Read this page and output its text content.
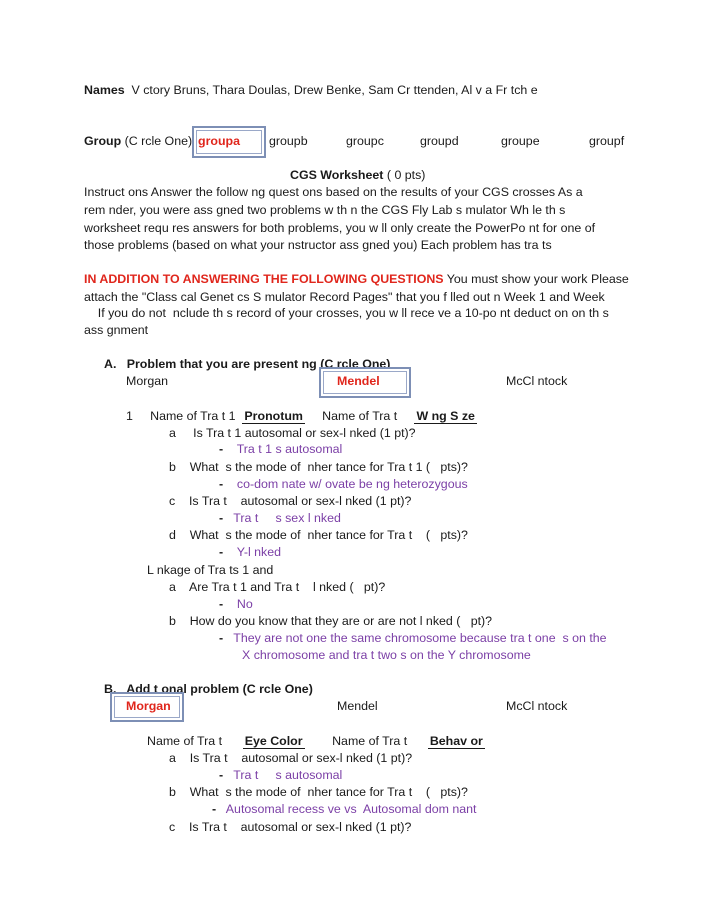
Names V ctory Bruns, Thara Doulas, Drew Benke, Sam Cr ttenden, Al v a Fr tch e
Group (C rcle One) groupa groupb	groupc	groupd	groupe	groupf
CGS Worksheet ( 0 pts)
Instruct ons Answer the follow ng quest ons based on the results of your CGS crosses As a
rem nder, you were ass gned two problems w th n the CGS Fly Lab s mulator Wh le th s
worksheet requ res answers for both problems, you w ll only create the PowerPo nt for one of
those problems (based on what your nstructor ass gned you) Each problem has tra ts
IN ADDITION TO ANSWERING THE FOLLOWING QUESTIONS You must show your work Please
attach the "Class cal Genet cs S mulator Record Pages" that you f lled out n Week 1 and Week
If you do not  nclude th s record of your crosses, you w ll rece ve a 10-po nt deduct on on th s
ass gnment
A.   Problem that you are present ng (C rcle One)
Morgan	Mendel	McCl ntock
1 Name of Tra t 1 Pronotum Name of Tra t W ng S ze
a Is Tra t 1 autosomal or sex-l nked (1 pt)?
- Tra t 1 s autosomal
b What  s the mode of  nher tance for Tra t 1 (   pts)?
- co-dom nate w/ ovate be ng heterozygous
c Is Tra t    autosomal or sex-l nked (1 pt)?
- Tra t     s sex l nked
d What  s the mode of  nher tance for Tra t    (   pts)?
- Y-l nked
L nkage of Tra ts 1 and
a Are Tra t 1 and Tra t    l nked (   pt)?
- No
b How do you know that they are or are not l nked (   pt)?
- They are not one the same chromosome because tra t one  s on the
X chromosome and tra t two s on the Y chromosome
B.   Add t onal problem (C rcle One)
Morgan	Mendel	McCl ntock
Name of Tra t Eye Color Name of Tra t Behav or
a Is Tra t    autosomal or sex-l nked (1 pt)?
- Tra t     s autosomal
b What  s the mode of  nher tance for Tra t    (   pts)?
- Autosomal recess ve vs  Autosomal dom nant
c Is Tra t    autosomal or sex-l nked (1 pt)?
